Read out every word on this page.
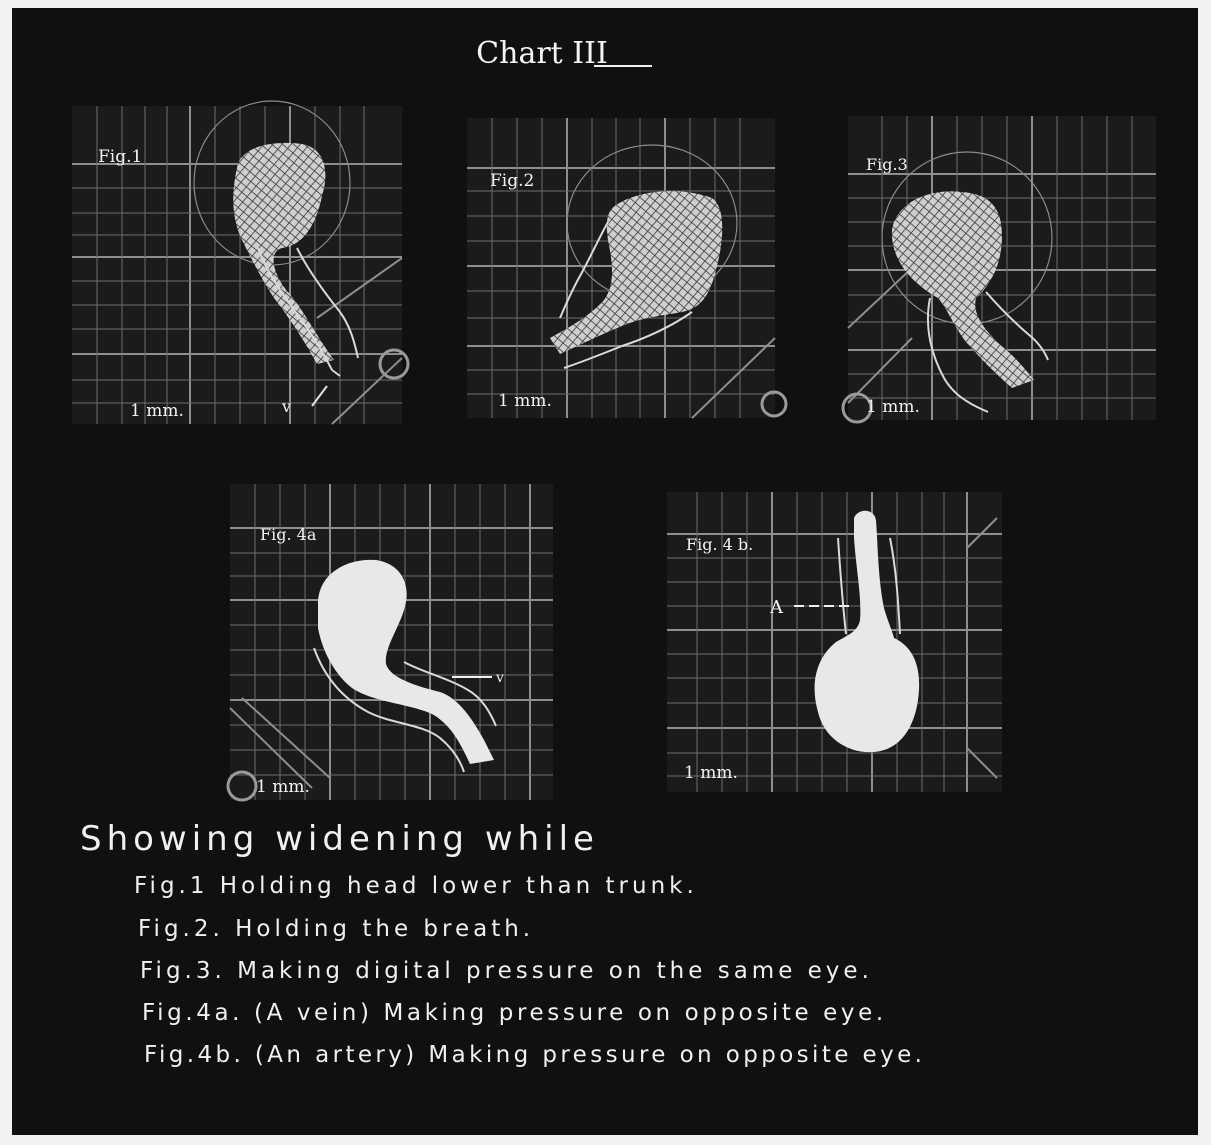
Chart III
Fig.1
1 mm.	v
Fig.2
1 mm.
Fig.3
1 mm.
v
Fig. 4a
1 mm.
A
Fig. 4 b.
1 mm.
Showing widening while
Fig.1 Holding head lower than trunk.
Fig.2. Holding the breath.
Fig.3. Making digital pressure on the same eye.
Fig.4a. (A vein) Making pressure on opposite eye.
Fig.4b. (An artery) Making pressure on opposite eye.
